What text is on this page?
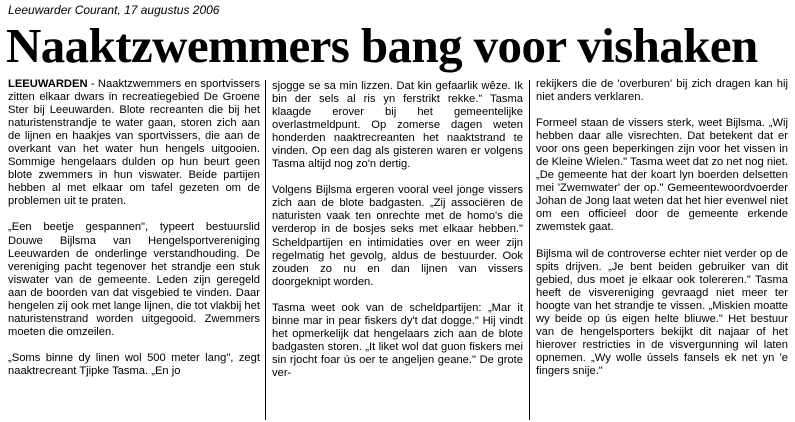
Leeuwarder Courant, 17 augustus 2006
Naaktzwemmers bang voor vishaken

LEEUWARDEN - Naaktzwemmers en sportvissers zitten elkaar dwars in recreatiegebied De Groene Ster bij Leeuwarden. Blote recreanten die bij het naturistenstrandje te water gaan, storen zich aan de lijnen en haakjes van sportvissers, die aan de overkant van het water hun hengels uitgooien. Sommige hengelaars dulden op hun beurt geen blote zwemmers in hun viswater. Beide partijen hebben al met elkaar om tafel gezeten om de problemen uit te praten.

„Een beetje gespannen", typeert bestuurslid Douwe Bijlsma van Hengelsportvereniging Leeuwarden de onderlinge verstandhouding. De vereniging pacht tegenover het strandje een stuk viswater van de gemeente. Leden zijn geregeld aan de boorden van dat visgebied te vinden. Daar hengelen zij ook met lange lijnen, die tot vlakbij het naturistenstrand worden uitgegooid. Zwemmers moeten die omzeilen.

„Soms binne dy linen wol 500 meter lang", zegt naaktrecreant Tjipke Tasma. „En jo

sjogge se sa min lizzen. Dat kin gefaarlik wêze. Ik bin der sels al ris yn ferstrikt rekke." Tasma klaagde erover bij het gemeentelijke overlastmeldpunt. Op zomerse dagen weten honderden naaktrecreanten het naaktstrand te vinden. Op een dag als gisteren waren er volgens Tasma altijd nog zo'n dertig.

Volgens Bijlsma ergeren vooral veel jonge vissers zich aan de blote badgasten. „Zij associëren de naturisten vaak ten onrechte met de homo's die verderop in de bosjes seks met elkaar hebben." Scheldpartijen en intimidaties over en weer zijn regelmatig het gevolg, aldus de bestuurder. Ook zouden zo nu en dan lijnen van vissers doorgeknipt worden.

Tasma weet ook van de scheldpartijen: „Mar it binne mar in pear fiskers dy't dat dogge." Hij vindt het opmerkelijk dat hengelaars zich aan de blote badgasten storen. „It liket wol dat guon fiskers mei sin rjocht foar ús oer te angeljen geane." De grote ver-

rekijkers die de 'overburen' bij zich dragen kan hij niet anders verklaren.

Formeel staan de vissers sterk, weet Bijlsma. „Wij hebben daar alle visrechten. Dat betekent dat er voor ons geen beperkingen zijn voor het vissen in de Kleine Wielen." Tasma weet dat zo net nog niet. „De gemeente hat der koart lyn boerden delsetten mei 'Zwemwater' der op." Gemeentewoordvoerder Johan de Jong laat weten dat het hier evenwel niet om een officieel door de gemeente erkende zwemstek gaat.

Bijlsma wil de controverse echter niet verder op de spits drijven. „Je bent beiden gebruiker van dit gebied, dus moet je elkaar ook tolereren." Tasma heeft de visvereniging gevraagd niet meer ter hoogte van het strandje te vissen. „Miskien moatte wy beide op ús eigen helte bliuwe." Het bestuur van de hengelsporters bekijkt dit najaar of het hierover restricties in de visvergunning wil laten opnemen. „Wy wolle ússels fansels ek net yn 'e fingers snije."
